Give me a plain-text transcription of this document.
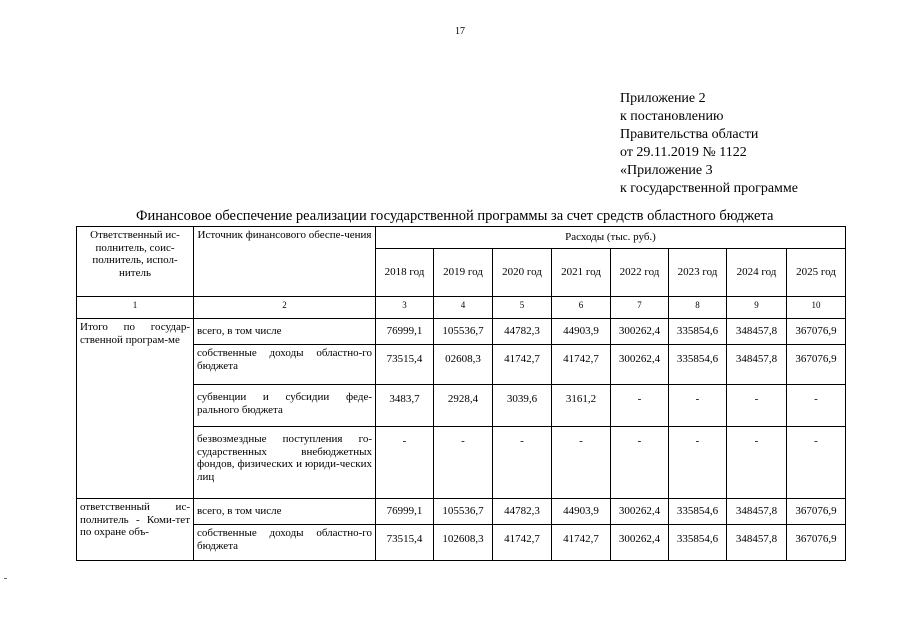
17
Приложение 2
к постановлению
Правительства области
от 29.11.2019 № 1122
«Приложение 3
к государственной программе
Финансовое обеспечение реализации государственной программы за счет средств областного бюджета
Ответственный ис-полнитель, соис-полнитель, испол-нитель	Источник финансового обеспе-чения	Расходы (тыс. руб.)							
		2018 год	2019 год	2020 год	2021 год	2022 год	2023 год	2024 год	2025 год
1	2	3	4	5	6	7	8	9	10
Итого по государ-ственной програм-ме	всего, в том числе	76999,1	105536,7	44782,3	44903,9	300262,4	335854,6	348457,8	367076,9
	собственные доходы областно-го бюджета	73515,4	02608,3	41742,7	41742,7	300262,4	335854,6	348457,8	367076,9
	субвенции и субсидии феде-рального бюджета	3483,7	2928,4	3039,6	3161,2	-	-	-	-
	безвозмездные поступления го-сударственных внебюджетных фондов, физических и юриди-ческих лиц	-	-	-	-	-	-	-	-
ответственный ис-полнитель - Коми-тет по охране объ-	всего, в том числе	76999,1	105536,7	44782,3	44903,9	300262,4	335854,6	348457,8	367076,9
	собственные доходы областно-го бюджета	73515,4	102608,3	41742,7	41742,7	300262,4	335854,6	348457,8	367076,9
